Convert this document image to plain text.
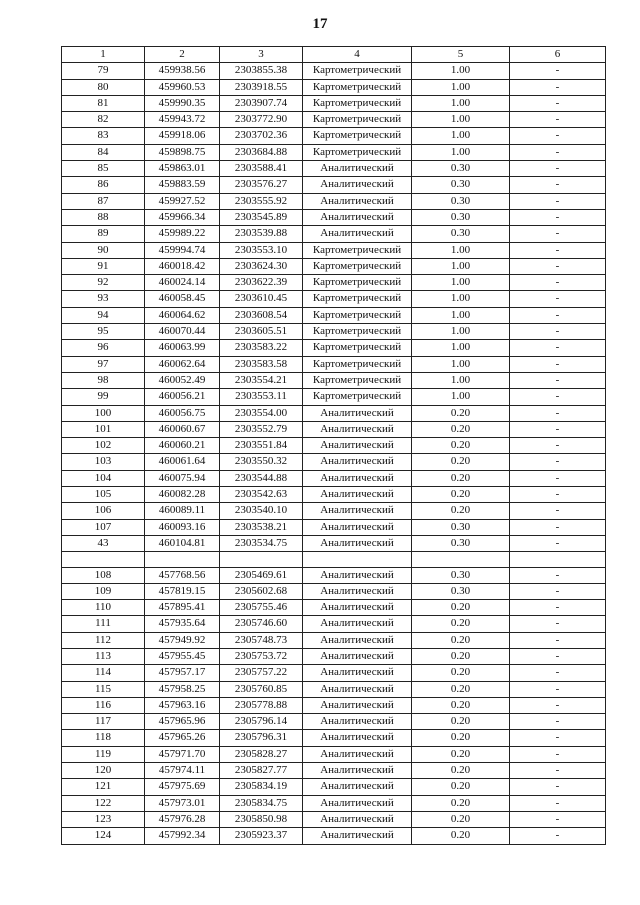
17
1	2	3	4	5	6
79	459938.56	2303855.38	Картометрический	1.00	-
80	459960.53	2303918.55	Картометрический	1.00	-
81	459990.35	2303907.74	Картометрический	1.00	-
82	459943.72	2303772.90	Картометрический	1.00	-
83	459918.06	2303702.36	Картометрический	1.00	-
84	459898.75	2303684.88	Картометрический	1.00	-
85	459863.01	2303588.41	Аналитический	0.30	-
86	459883.59	2303576.27	Аналитический	0.30	-
87	459927.52	2303555.92	Аналитический	0.30	-
88	459966.34	2303545.89	Аналитический	0.30	-
89	459989.22	2303539.88	Аналитический	0.30	-
90	459994.74	2303553.10	Картометрический	1.00	-
91	460018.42	2303624.30	Картометрический	1.00	-
92	460024.14	2303622.39	Картометрический	1.00	-
93	460058.45	2303610.45	Картометрический	1.00	-
94	460064.62	2303608.54	Картометрический	1.00	-
95	460070.44	2303605.51	Картометрический	1.00	-
96	460063.99	2303583.22	Картометрический	1.00	-
97	460062.64	2303583.58	Картометрический	1.00	-
98	460052.49	2303554.21	Картометрический	1.00	-
99	460056.21	2303553.11	Картометрический	1.00	-
100	460056.75	2303554.00	Аналитический	0.20	-
101	460060.67	2303552.79	Аналитический	0.20	-
102	460060.21	2303551.84	Аналитический	0.20	-
103	460061.64	2303550.32	Аналитический	0.20	-
104	460075.94	2303544.88	Аналитический	0.20	-
105	460082.28	2303542.63	Аналитический	0.20	-
106	460089.11	2303540.10	Аналитический	0.20	-
107	460093.16	2303538.21	Аналитический	0.30	-
43	460104.81	2303534.75	Аналитический	0.30	-

108	457768.56	2305469.61	Аналитический	0.30	-
109	457819.15	2305602.68	Аналитический	0.30	-
110	457895.41	2305755.46	Аналитический	0.20	-
111	457935.64	2305746.60	Аналитический	0.20	-
112	457949.92	2305748.73	Аналитический	0.20	-
113	457955.45	2305753.72	Аналитический	0.20	-
114	457957.17	2305757.22	Аналитический	0.20	-
115	457958.25	2305760.85	Аналитический	0.20	-
116	457963.16	2305778.88	Аналитический	0.20	-
117	457965.96	2305796.14	Аналитический	0.20	-
118	457965.26	2305796.31	Аналитический	0.20	-
119	457971.70	2305828.27	Аналитический	0.20	-
120	457974.11	2305827.77	Аналитический	0.20	-
121	457975.69	2305834.19	Аналитический	0.20	-
122	457973.01	2305834.75	Аналитический	0.20	-
123	457976.28	2305850.98	Аналитический	0.20	-
124	457992.34	2305923.37	Аналитический	0.20	-
